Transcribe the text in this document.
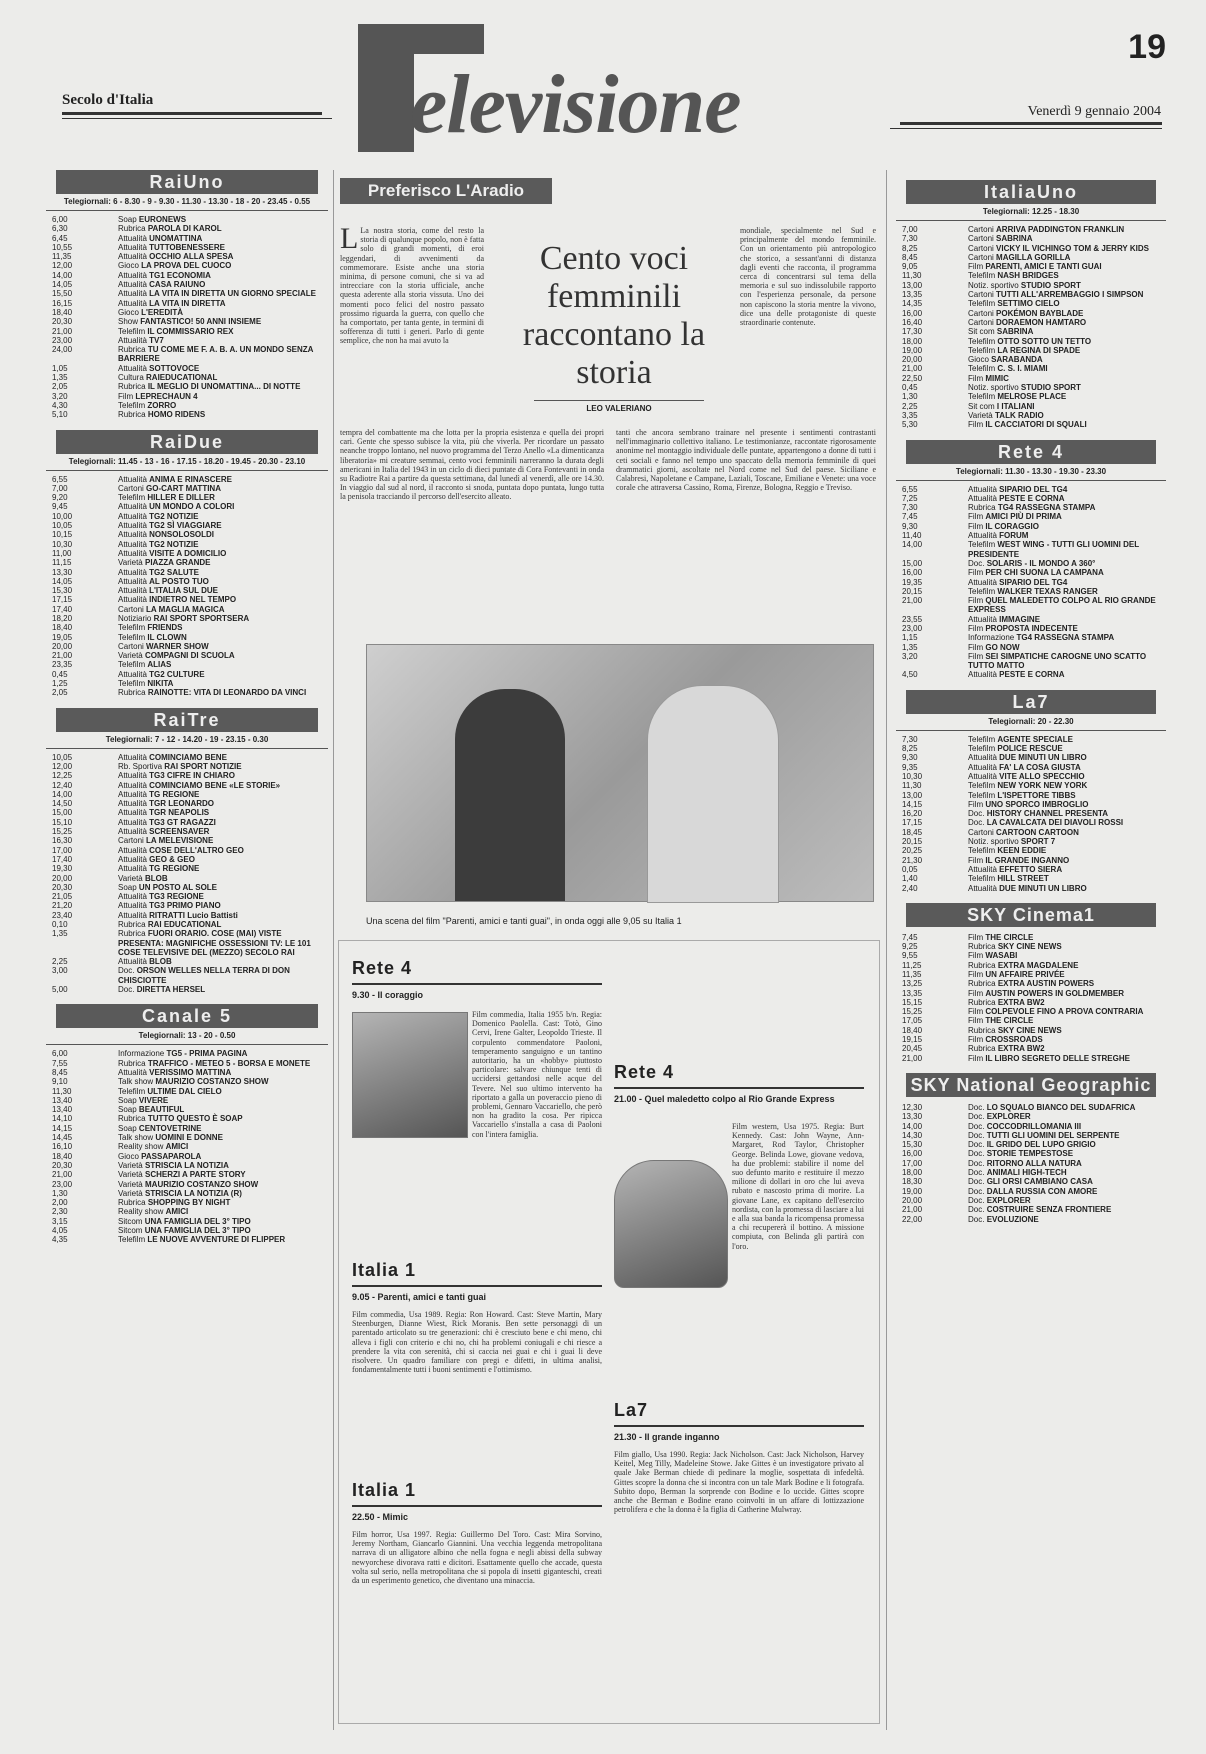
19
Secolo d'Italia
Venerdì 9 gennaio 2004
elevisione
RaiUno
Telegiornali: 6 - 8.30 - 9 - 9.30 - 11.30 - 13.30 - 18 - 20 - 23.45 - 0.55
6,00	Soap EURONEWS
6,30	Rubrica PAROLA DI KAROL
6,45	Attualità UNOMATTINA
10,55	Attualità TUTTOBENESSERE
11,35	Attualità OCCHIO ALLA SPESA
12,00	Gioco LA PROVA DEL CUOCO
14,00	Attualità TG1 ECONOMIA
14,05	Attualità CASA RAIUNO
15,50	Attualità LA VITA IN DIRETTA UN GIORNO SPECIALE
16,15	Attualità LA VITA IN DIRETTA
18,40	Gioco L'EREDITÀ
20,30	Show FANTASTICO! 50 ANNI INSIEME
21,00	Telefilm IL COMMISSARIO REX
23,00	Attualità TV7
24,00	Rubrica TU COME ME F. A. B. A. UN MONDO SENZA BARRIERE
1,05	Attualità SOTTOVOCE
1,35	Cultura RAIEDUCATIONAL
2,05	Rubrica IL MEGLIO DI UNOMATTINA... DI NOTTE
3,20	Film LEPRECHAUN 4
4,30	Telefilm ZORRO
5,10	Rubrica HOMO RIDENS
RaiDue
Telegiornali: 11.45 - 13 - 16 - 17.15 - 18.20 - 19.45 - 20.30 - 23.10
6,55	Attualità ANIMA E RINASCERE
7,00	Cartoni GO-CART MATTINA
9,20	Telefilm HILLER E DILLER
9,45	Attualità UN MONDO A COLORI
10,00	Attualità TG2 NOTIZIE
10,05	Attualità TG2 SÌ VIAGGIARE
10,15	Attualità NONSOLOSOLDI
10,30	Attualità TG2 NOTIZIE
11,00	Attualità VISITE A DOMICILIO
11,15	Varietà PIAZZA GRANDE
13,30	Attualità TG2 SALUTE
14,05	Attualità AL POSTO TUO
15,30	Attualità L'ITALIA SUL DUE
17,15	Attualità INDIETRO NEL TEMPO
17,40	Cartoni LA MAGLIA MAGICA
18,20	Notiziario RAI SPORT SPORTSERA
18,40	Telefilm FRIENDS
19,05	Telefilm IL CLOWN
20,00	Cartoni WARNER SHOW
21,00	Varietà COMPAGNI DI SCUOLA
23,35	Telefilm ALIAS
0,45	Attualità TG2 CULTURE
1,25	Telefilm NIKITA
2,05	Rubrica RAINOTTE: VITA DI LEONARDO DA VINCI
RaiTre
Telegiornali: 7 - 12 - 14.20 - 19 - 23.15 - 0.30
10,05	Attualità COMINCIAMO BENE
12,00	Rb. Sportiva RAI SPORT NOTIZIE
12,25	Attualità TG3 CIFRE IN CHIARO
12,40	Attualità COMINCIAMO BENE «LE STORIE»
14,00	Attualità TG REGIONE
14,50	Attualità TGR LEONARDO
15,00	Attualità TGR NEAPOLIS
15,10	Attualità TG3 GT RAGAZZI
15,25	Attualità SCREENSAVER
16,30	Cartoni LA MELEVISIONE
17,00	Attualità COSE DELL'ALTRO GEO
17,40	Attualità GEO & GEO
19,30	Attualità TG REGIONE
20,00	Varietà BLOB
20,30	Soap UN POSTO AL SOLE
21,05	Attualità TG3 REGIONE
21,20	Attualità TG3 PRIMO PIANO
23,40	Attualità RITRATTI Lucio Battisti
0,10	Rubrica RAI EDUCATIONAL
1,35	Rubrica FUORI ORARIO. COSE (MAI) VISTE PRESENTA: MAGNIFICHE OSSESSIONI TV: LE 101 COSE TELEVISIVE DEL (MEZZO) SECOLO RAI
2,25	Attualità BLOB
3,00	Doc. ORSON WELLES NELLA TERRA DI DON CHISCIOTTE
5,00	Doc. DIRETTA HERSEL
Canale 5
Telegiornali: 13 - 20 - 0.50
6,00	Informazione TG5 - PRIMA PAGINA
7,55	Rubrica TRAFFICO - METEO 5 - BORSA E MONETE
8,45	Attualità VERISSIMO MATTINA
9,10	Talk show MAURIZIO COSTANZO SHOW
11,30	Telefilm ULTIME DAL CIELO
13,40	Soap VIVERE
13,40	Soap BEAUTIFUL
14,10	Rubrica TUTTO QUESTO È SOAP
14,15	Soap CENTOVETRINE
14,45	Talk show UOMINI E DONNE
16,10	Reality show AMICI
18,40	Gioco PASSAPAROLA
20,30	Varietà STRISCIA LA NOTIZIA
21,00	Varietà SCHERZI A PARTE STORY
23,00	Varietà MAURIZIO COSTANZO SHOW
1,30	Varietà STRISCIA LA NOTIZIA (R)
2,00	Rubrica SHOPPING BY NIGHT
2,30	Reality show AMICI
3,15	Sitcom UNA FAMIGLIA DEL 3° TIPO
4,05	Sitcom UNA FAMIGLIA DEL 3° TIPO
4,35	Telefilm LE NUOVE AVVENTURE DI FLIPPER
ItaliaUno
Telegiornali: 12.25 - 18.30
7,00	Cartoni ARRIVA PADDINGTON FRANKLIN
7,30	Cartoni SABRINA
8,25	Cartoni VICKY IL VICHINGO TOM & JERRY KIDS
8,45	Cartoni MAGILLA GORILLA
9,05	Film PARENTI, AMICI E TANTI GUAI
11,30	Telefilm NASH BRIDGES
13,00	Notiz. sportivo STUDIO SPORT
13,35	Cartoni TUTTI ALL'ARREMBAGGIO I SIMPSON
14,35	Telefilm SETTIMO CIELO
16,00	Cartoni POKÉMON BAYBLADE
16,40	Cartoni DORAEMON HAMTARO
17,30	Sit com SABRINA
18,00	Telefilm OTTO SOTTO UN TETTO
19,00	Telefilm LA REGINA DI SPADE
20,00	Gioco SARABANDA
21,00	Telefilm C. S. I. MIAMI
22,50	Film MIMIC
0,45	Notiz. sportivo STUDIO SPORT
1,30	Telefilm MELROSE PLACE
2,25	Sit com I ITALIANI
3,35	Varietà TALK RADIO
5,30	Film IL CACCIATORI DI SQUALI
Rete 4
Telegiornali: 11.30 - 13.30 - 19.30 - 23.30
6,55	Attualità SIPARIO DEL TG4
7,25	Attualità PESTE E CORNA
7,30	Rubrica TG4 RASSEGNA STAMPA
7,45	Film AMICI PIÙ DI PRIMA
9,30	Film IL CORAGGIO
11,40	Attualità FORUM
14,00	Telefilm WEST WING - TUTTI GLI UOMINI DEL PRESIDENTE
15,00	Doc. SOLARIS - IL MONDO A 360°
16,00	Film PER CHI SUONA LA CAMPANA
19,35	Attualità SIPARIO DEL TG4
20,15	Telefilm WALKER TEXAS RANGER
21,00	Film QUEL MALEDETTO COLPO AL RIO GRANDE EXPRESS
23,55	Attualità IMMAGINE
23,00	Film PROPOSTA INDECENTE
1,15	Informazione TG4 RASSEGNA STAMPA
1,35	Film GO NOW
3,20	Film SEI SIMPATICHE CAROGNE UNO SCATTO TUTTO MATTO
4,50	Attualità PESTE E CORNA
La7
Telegiornali: 20 - 22.30
7,30	Telefilm AGENTE SPECIALE
8,25	Telefilm POLICE RESCUE
9,30	Attualità DUE MINUTI UN LIBRO
9,35	Attualità FA' LA COSA GIUSTA
10,30	Attualità VITE ALLO SPECCHIO
11,30	Telefilm NEW YORK NEW YORK
13,00	Telefilm L'ISPETTORE TIBBS
14,15	Film UNO SPORCO IMBROGLIO
16,20	Doc. HISTORY CHANNEL PRESENTA
17,15	Doc. LA CAVALCATA DEI DIAVOLI ROSSI
18,45	Cartoni CARTOON CARTOON
20,15	Notiz. sportivo SPORT 7
20,25	Telefilm KEEN EDDIE
21,30	Film IL GRANDE INGANNO
0,05	Attualità EFFETTO SIERA
1,40	Telefilm HILL STREET
2,40	Attualità DUE MINUTI UN LIBRO
SKY Cinema1
7,45	Film THE CIRCLE
9,25	Rubrica SKY CINE NEWS
9,55	Film WASABI
11,25	Rubrica EXTRA MAGDALENE
11,35	Film UN AFFAIRE PRIVÉE
13,25	Rubrica EXTRA AUSTIN POWERS
13,35	Film AUSTIN POWERS IN GOLDMEMBER
15,15	Rubrica EXTRA BW2
15,25	Film COLPEVOLE FINO A PROVA CONTRARIA
17,05	Film THE CIRCLE
18,40	Rubrica SKY CINE NEWS
19,15	Film CROSSROADS
20,45	Rubrica EXTRA BW2
21,00	Film IL LIBRO SEGRETO DELLE STREGHE
SKY National Geographic
12,30	Doc. LO SQUALO BIANCO DEL SUDAFRICA
13,30	Doc. EXPLORER
14,00	Doc. COCCODRILLOMANIA III
14,30	Doc. TUTTI GLI UOMINI DEL SERPENTE
15,30	Doc. IL GRIDO DEL LUPO GRIGIO
16,00	Doc. STORIE TEMPESTOSE
17,00	Doc. RITORNO ALLA NATURA
18,00	Doc. ANIMALI HIGH-TECH
18,30	Doc. GLI ORSI CAMBIANO CASA
19,00	Doc. DALLA RUSSIA CON AMORE
20,00	Doc. EXPLORER
21,00	Doc. COSTRUIRE SENZA FRONTIERE
22,00	Doc. EVOLUZIONE
Preferisco L'Aradio
L La nostra storia, come del resto la storia di qualunque popolo, non è fatta solo di grandi momenti, di eroi leggendari, di avvenimenti da commemorare. Esiste anche una storia minima, di persone comuni, che si va ad intrecciare con la storia ufficiale, anche questa aderente alla storia vissuta. Uno dei momenti poco felici del nostro passato prossimo riguarda la guerra, con quello che ha comportato, per tanta gente, in termini di sofferenza di tutti i generi. Parlo di gente semplice, che non ha mai avuto la
Cento voci femminili raccontano la storia
LEO VALERIANO
mondiale, specialmente nel Sud e principalmente del mondo femminile. Con un orientamento più antropologico che storico, a sessant'anni di distanza dagli eventi che racconta, il programma cerca di concentrarsi sul tema della memoria e sul suo indissolubile rapporto con l'esperienza personale, da persone non capiscono la storia mentre la vivono, dice una delle protagoniste di queste straordinarie contenute.
tempra del combattente ma che lotta per la propria esistenza e quella dei propri cari. Gente che spesso subisce la vita, più che viverla. Per ricordare un passato neanche troppo lontano, nel nuovo programma del Terzo Anello «La dimenticanza liberatoria» mi creature semmai, cento voci femminili narreranno la durata degli americani in Italia del 1943 in un ciclo di dieci puntate di Cora Fontevanti in onda su Radiotre Rai a partire da questa settimana, dal lunedì al venerdì, alle ore 14.30. In viaggio dal sud al nord, il racconto si snoda, puntata dopo puntata, lungo tutta la penisola tracciando il percorso dell'esercito alleato.
tanti che ancora sembrano trainare nel presente i sentimenti contrastanti nell'immaginario collettivo italiano. Le testimonianze, raccontate rigorosamente anonime nel montaggio individuale delle puntate, appartengono a donne di tutti i ceti sociali e fanno nel tempo uno spaccato della memoria femminile di quei drammatici giorni, ascoltate nel Nord come nel Sud del paese. Siciliane e Calabresi, Napoletane e Campane, Laziali, Toscane, Emiliane e Venete: una voce corale che attraversa Cassino, Roma, Firenze, Bologna, Reggio e Treviso.
Una scena del film "Parenti, amici e tanti guai", in onda oggi alle 9,05 su Italia 1
Rete 4
9.30 - Il coraggio
Film commedia, Italia 1955 b/n. Regia: Domenico Paolella. Cast: Totò, Gino Cervi, Irene Galter, Leopoldo Trieste. Il corpulento commendatore Paoloni, temperamento sanguigno e un tantino autoritario, ha un «hobby» piuttosto particolare: salvare chiunque tenti di uccidersi gettandosi nelle acque del Tevere. Nel suo ultimo intervento ha riportato a galla un poveraccio pieno di problemi, Gennaro Vaccariello, che però non ha gradito la cosa. Per ripicca Vaccariello s'installa a casa di Paoloni con l'intera famiglia.
Italia 1
9.05 - Parenti, amici e tanti guai
Film commedia, Usa 1989. Regia: Ron Howard. Cast: Steve Martin, Mary Steenburgen, Dianne Wiest, Rick Moranis. Ben sette personaggi di un parentado articolato su tre generazioni: chi è cresciuto bene e chi meno, chi alleva i figli con criterio e chi no, chi ha problemi coniugali e chi riesce a prendere la vita con serenità, chi si caccia nei guai e chi i guai li deve risolvere. Un quadro familiare con pregi e difetti, in ultima analisi, fondamentalmente tutti i buoni sentimenti e l'ottimismo.
Italia 1
22.50 - Mimic
Film horror, Usa 1997. Regia: Guillermo Del Toro. Cast: Mira Sorvino, Jeremy Northam, Giancarlo Giannini. Una vecchia leggenda metropolitana narrava di un alligatore albino che nella fogna e negli abissi della subway newyorchese divorava ratti e dicitori. Esattamente quello che accade, questa volta sul serio, nella metropolitana che si popola di insetti giganteschi, creati da un esperimento genetico, che diventano una minaccia.
Rete 4
21.00 - Quel maledetto colpo al Rio Grande Express
Film western, Usa 1975. Regia: Burt Kennedy. Cast: John Wayne, Ann-Margaret, Rod Taylor, Christopher George. Belinda Lowe, giovane vedova, ha due problemi: stabilire il nome del suo defunto marito e restituire il mezzo milione di dollari in oro che lui aveva rubato e nascosto prima di morire. La giovane Lane, ex capitano dell'esercito nordista, con la promessa di lasciare a lui e alla sua banda la ricompensa promessa a chi recupererà il bottino. A missione compiuta, con Belinda gli partirà con l'oro.
La7
21.30 - Il grande inganno
Film giallo, Usa 1990. Regia: Jack Nicholson. Cast: Jack Nicholson, Harvey Keitel, Meg Tilly, Madeleine Stowe. Jake Gittes è un investigatore privato al quale Jake Berman chiede di pedinare la moglie, sospettata di infedeltà. Gittes scopre la donna che si incontra con un tale Mark Bodine e li fotografa. Subito dopo, Berman la sorprende con Bodine e lo uccide. Gittes scopre anche che Berman e Bodine erano coinvolti in un affare di lottizzazione petrolifera e che la donna è la figlia di Catherine Mulwray.
